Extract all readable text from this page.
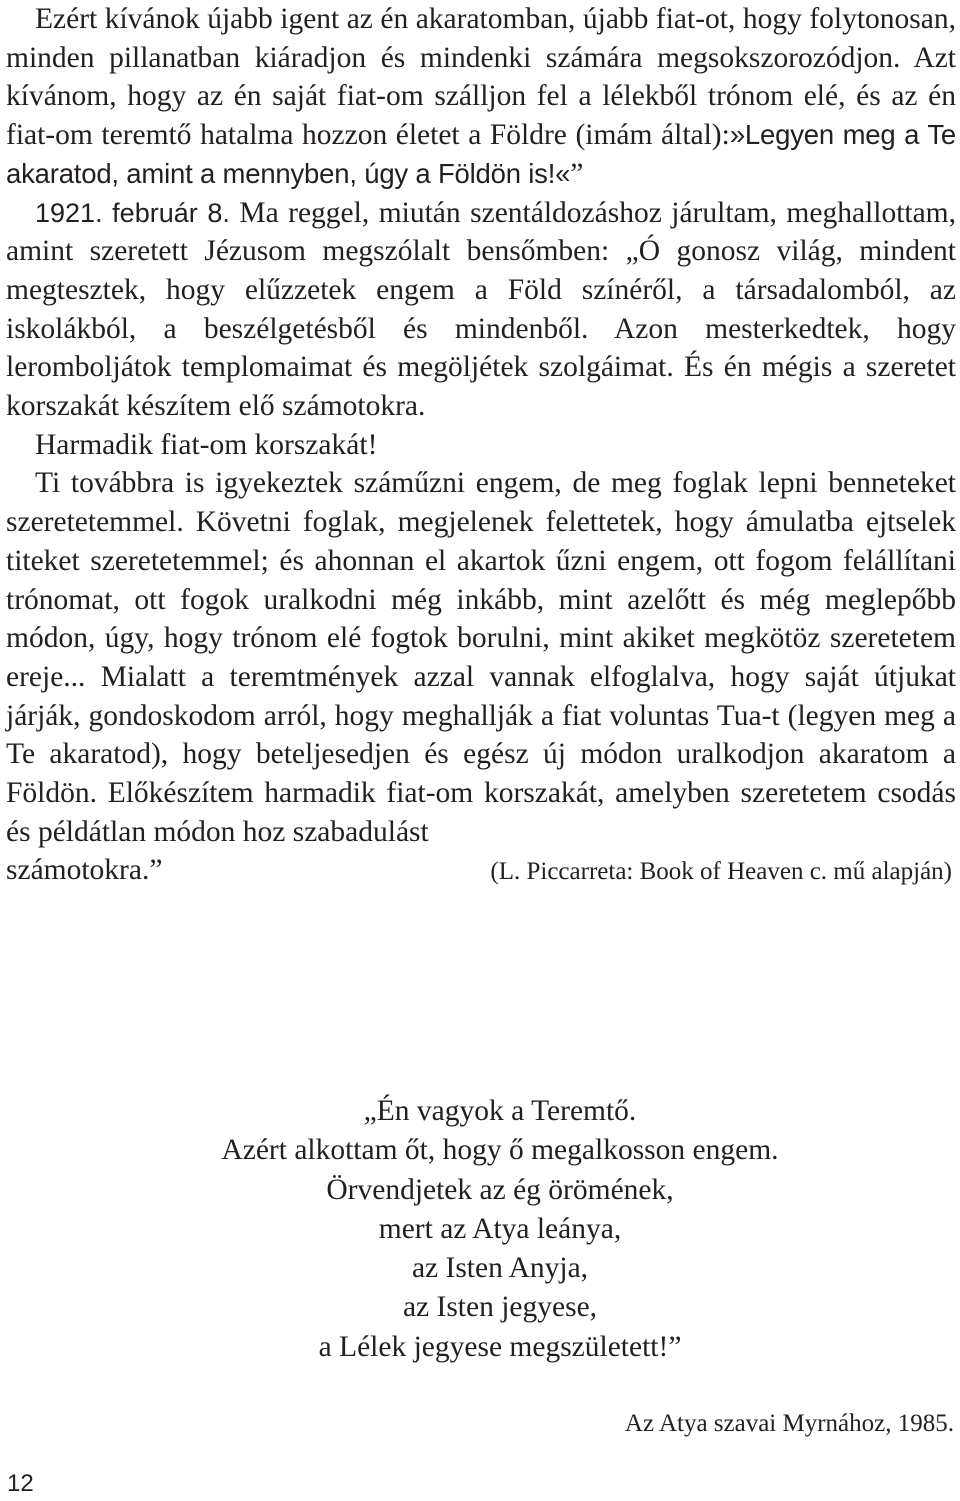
Ezért kívánok újabb igent az én akaratomban, újabb fiat-ot, hogy folytonosan, minden pillanatban kiáradjon és mindenki számára megsokszorozódjon. Azt kívánom, hogy az én saját fiat-om szálljon fel a lélekből trónom elé, és az én fiat-om teremtő hatalma hozzon életet a Földre (imám által):»Legyen meg a Te akaratod, amint a mennyben, úgy a Földön is!«”

1921. február 8. Ma reggel, miután szentáldozáshoz járultam, meghallottam, amint szeretett Jézusom megszólalt bensőmben: „Ó gonosz világ, mindent megtesztek, hogy elűzzetek engem a Föld színéről, a társadalomból, az iskolákból, a beszélgetésből és mindenből. Azon mesterkedtek, hogy leromboljátok templomaimat és megöljétek szolgáimat. És én mégis a szeretet korszakát készítem elő számotokra.

Harmadik fiat-om korszakát!

Ti továbbra is igyekeztek száműzni engem, de meg foglak lepni benneteket szeretetemmel. Követni foglak, megjelenek felettetek, hogy ámulatba ejtselek titeket szeretetemmel; és ahonnan el akartok űzni engem, ott fogom felállítani trónomat, ott fogok uralkodni még inkább, mint azelőtt és még meglepőbb módon, úgy, hogy trónom elé fogtok borulni, mint akiket megkötöz szeretetem ereje... Mialatt a teremtmények azzal vannak elfoglalva, hogy saját útjukat járják, gondoskodom arról, hogy meghallják a fiat voluntas Tua-t (legyen meg a Te akaratod), hogy beteljesedjen és egész új módon uralkodjon akaratom a Földön. Előkészítem harmadik fiat-om korszakát, amelyben szeretetem csodás és példátlan módon hoz szabadulást

számotokra.”	(L. Piccarreta: Book of Heaven c. mű alapján)

„Én vagyok a Teremtő.
Azért alkottam őt, hogy ő megalkosson engem.
Örvendjetek az ég örömének,
mert az Atya leánya,
az Isten Anyja,
az Isten jegyese,
a Lélek jegyese megszületett!”
Az Atya szavai Myrnához, 1985.
12
